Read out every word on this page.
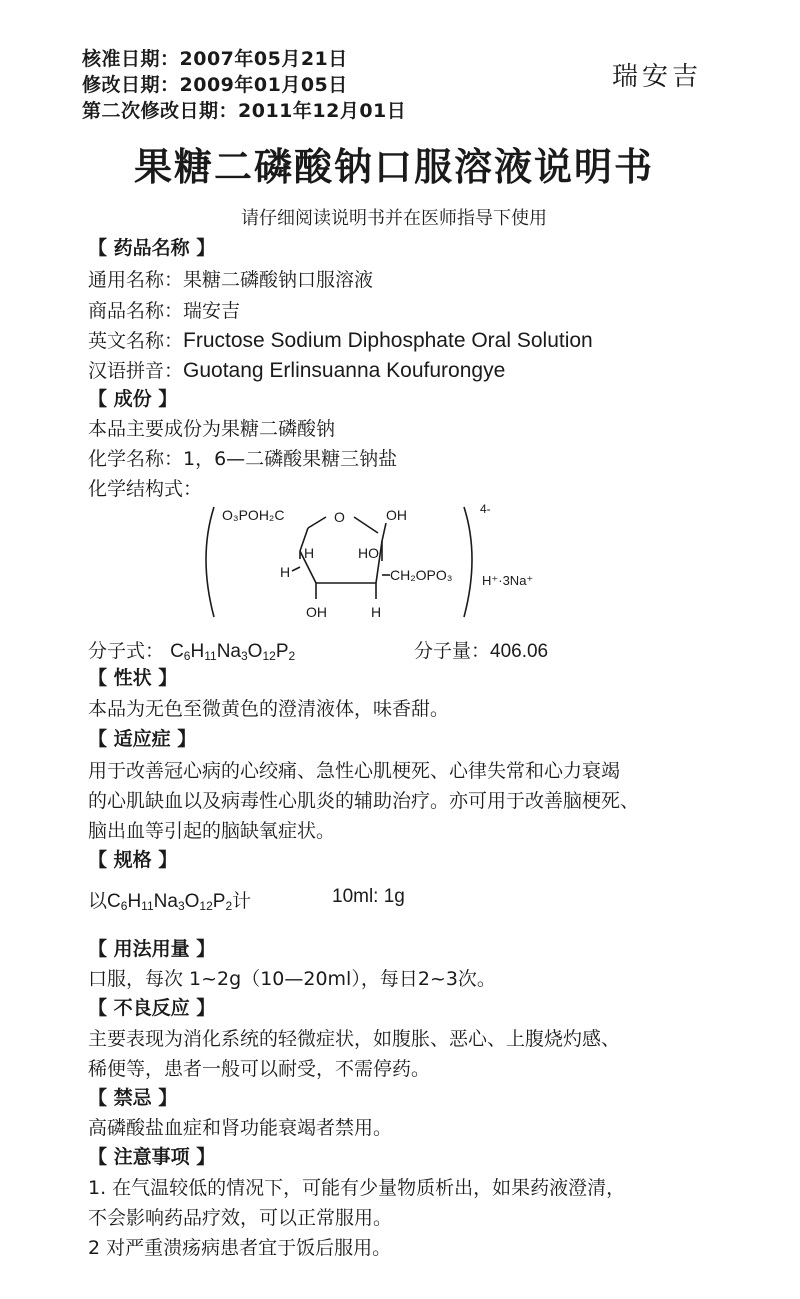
核准日期：2007年05月21日
修改日期：2009年01月05日
第二次修改日期：2011年12月01日
瑞安吉
果糖二磷酸钠口服溶液说明书
请仔细阅读说明书并在医师指导下使用
【 药品名称 】
通用名称：果糖二磷酸钠口服溶液
商品名称：瑞安吉
英文名称：Fructose Sodium Diphosphate Oral Solution
汉语拼音：Guotang Erlinsuanna Koufurongye
【 成份 】
本品主要成份为果糖二磷酸钠
化学名称：1，6—二磷酸果糖三钠盐
化学结构式：
O₃POH₂C	O	OH
H
H
HO
CH₂OPO₃
OH	H
4-
H⁺·3Na⁺
分子式： $C_6H_{11}Na_3O_{12}P_2$	分子量：406.06
【 性状 】
本品为无色至微黄色的澄清液体，味香甜。
【 适应症 】
用于改善冠心病的心绞痛、急性心肌梗死、心律失常和心力衰竭
的心肌缺血以及病毒性心肌炎的辅助治疗。亦可用于改善脑梗死、
脑出血等引起的脑缺氧症状。
【 规格 】
以$C_6H_{11}Na_3O_{12}P_2$计	10ml: 1g
【 用法用量 】
口服，每次 1~2g（10—20ml），每日2~3次。
【 不良反应 】
主要表现为消化系统的轻微症状，如腹胀、恶心、上腹烧灼感、
稀便等，患者一般可以耐受，不需停药。
【 禁忌 】
高磷酸盐血症和肾功能衰竭者禁用。
【 注意事项 】
1. 在气温较低的情况下，可能有少量物质析出，如果药液澄清，
不会影响药品疗效，可以正常服用。
2 对严重溃疡病患者宜于饭后服用。
